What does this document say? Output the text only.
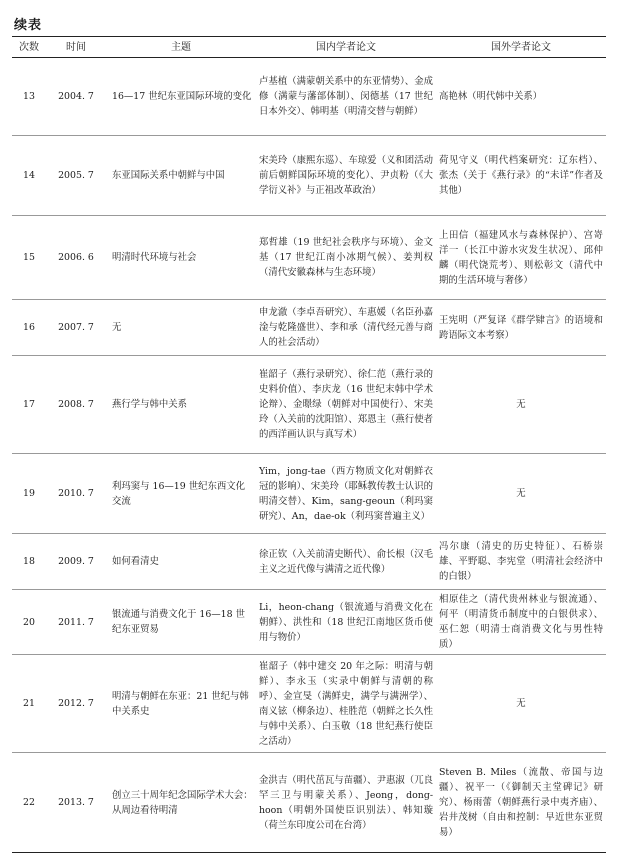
续表
次数	时间	主题	国内学者论文	国外学者论文
13	2004. 7	16—17 世纪东亚国际环境的变化	卢基植（满蒙朝关系中的东亚情势）、金成修（满蒙与藩部体制）、闵德基（17 世纪日本外交）、韩明基（明清交替与朝鲜）	高艳林（明代韩中关系）
14	2005. 7	东亚国际关系中朝鲜与中国	宋美玲（康熙东巡）、车琼爱（义和团活动前后朝鲜国际环境的变化）、尹贞粉（《大学衍义补》与正祖改革政治）	荷见守义（明代档案研究：辽东档）、张杰（关于《燕行录》的“未详”作者及其他）
15	2006. 6	明清时代环境与社会	郑哲雄（19 世纪社会秩序与环境）、金文基（17 世纪江南小冰期气候）、姜判权（清代安徽森林与生态环境）	上田信（福建风水与森林保护）、宫嵜洋一（长江中游水灾发生状况）、邱仲麟（明代饶荒考）、则松彰文（清代中期的生活环境与奢侈）
16	2007. 7	无	申龙澈（李卓吾研究）、车惠媛（名臣孙嘉淦与乾隆盛世）、李和承（清代经元善与商人的社会活动）	王宪明（严复译《群学肄言》的语境和跨语际文本考察）
17	2008. 7	燕行学与韩中关系	崔韶子（燕行录研究）、徐仁范（燕行录的史料价值）、李庆龙（16 世纪末韩中学术论辩）、金暻绿（朝鲜对中国使行）、宋美玲（入关前的沈阳馆）、郑恩主（燕行使者的西洋画认识与真写术）	无
19	2010. 7	利玛窦与 16—19 世纪东西文化交流	Yim，jong-tae（西方物质文化对朝鲜衣冠的影响）、宋美玲（耶稣教传教士认识的明清交替）、Kim，sang-geoun（利玛窦研究）、An，dae-ok（利玛窦普遍主义）	无
18	2009. 7	如何看清史	徐正钦（入关前清史断代）、俞长根（汉毛主义之近代像与满清之近代像）	冯尔康（清史的历史特征）、石桥崇雄、平野聪、李宪堂（明清社会经济中的白银）
20	2011. 7	银流通与消费文化于 16—18 世纪东亚贸易	Li，heon-chang（银流通与消费文化在朝鲜）、洪性和（18 世纪江南地区货币使用与物价）	相原佳之（清代贵州林业与银流通）、何平（明清货币制度中的白银供求）、巫仁恕（明清士商消费文化与男性特质）
21	2012. 7	明清与朝鲜在东亚：21 世纪与韩中关系史	崔韶子（韩中建交 20 年之际：明清与朝鲜）、李永玉（实录中朝鲜与清朝的称呼）、金宣旻（满鲜史，满学与满洲学）、南义铉（柳条边）、桂胜范（朝鲜之长久性与韩中关系）、白玉敬（18 世纪燕行使臣之活动）	无
22	2013. 7	创立三十周年纪念国际学术大会：从周边看待明清	金洪吉（明代茁瓦与苗疆）、尹惠淑（兀良罕三卫与明蒙关系）、Jeong，dong-hoon（明朝外国使臣识别法）、韩知璇（荷兰东印度公司在台湾）	Steven B. Miles（流散、帝国与边疆）、祝平一（《御制天主堂碑记》研究）、杨雨蕾（朝鲜燕行录中夷齐庙）、岩井茂树（自由和控制：早近世东亚贸易）
